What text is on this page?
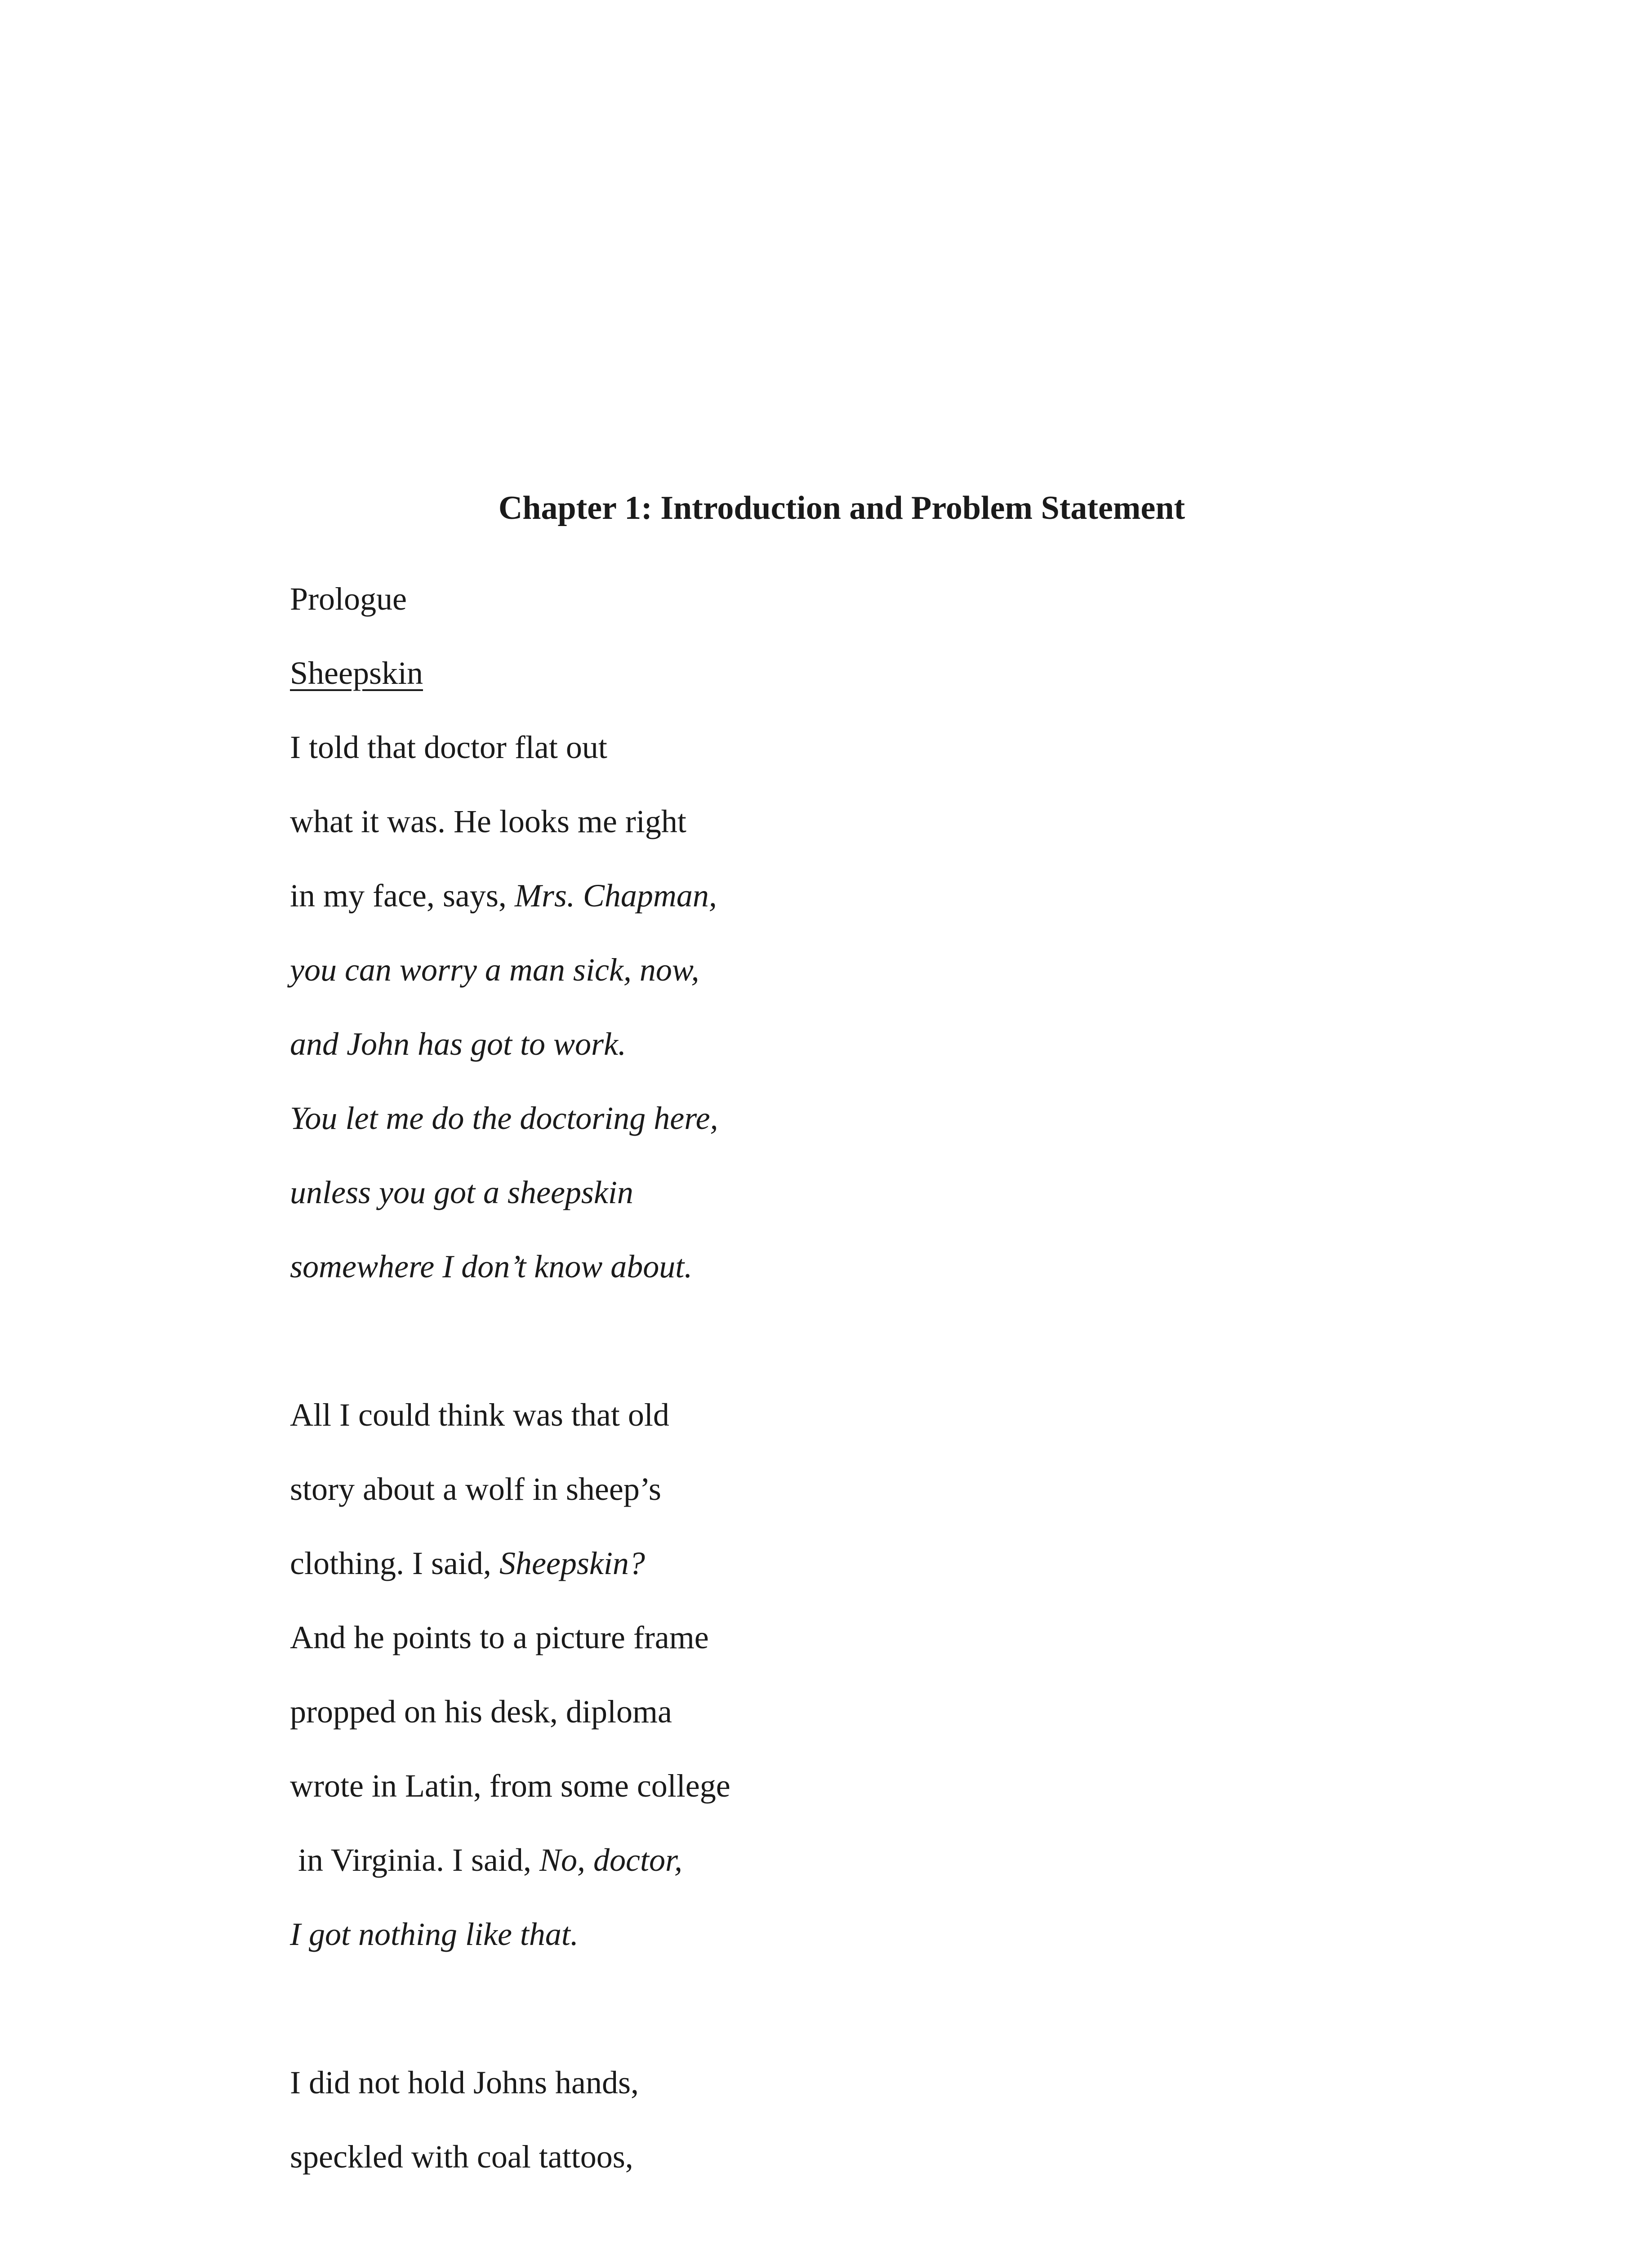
Chapter 1: Introduction and Problem Statement
Prologue
Sheepskin
I told that doctor flat out
what it was. He looks me right
in my face, says, Mrs. Chapman,
you can worry a man sick, now,
and John has got to work.
You let me do the doctoring here,
unless you got a sheepskin
somewhere I don’t know about.
All I could think was that old
story about a wolf in sheep’s
clothing. I said, Sheepskin?
And he points to a picture frame
propped on his desk, diploma
wrote in Latin, from some college
in Virginia. I said, No, doctor,
I got nothing like that.
I did not hold Johns hands,
speckled with coal tattoos,
